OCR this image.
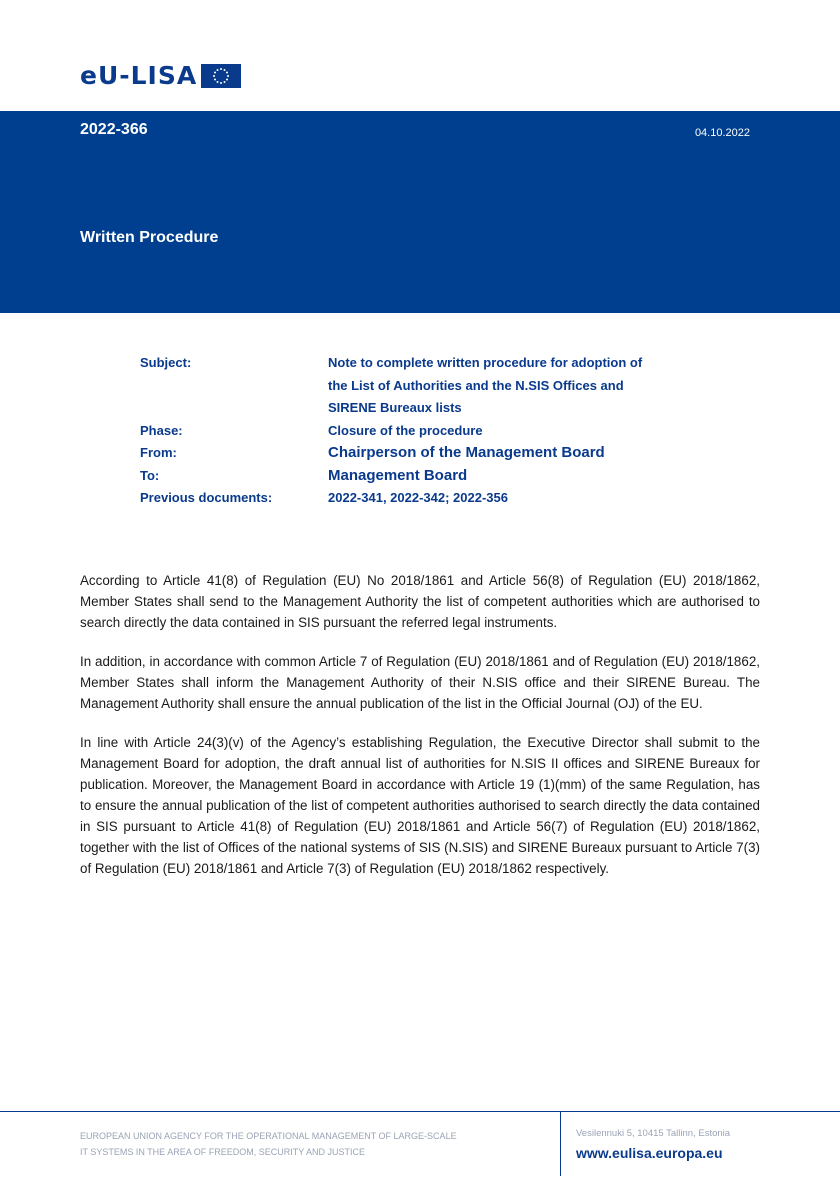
eU-LISA
2022-366	04.10.2022
Written Procedure
Subject:	Note to complete written procedure for adoption of
the List of Authorities and the N.SIS Offices and
SIRENE Bureaux lists
Phase:	Closure of the procedure
From:	Chairperson of the Management Board
To:	Management Board
Previous documents:	2022-341, 2022-342; 2022-356

According to Article 41(8) of Regulation (EU) No 2018/1861 and Article 56(8) of Regulation (EU) 2018/1862, Member States shall send to the Management Authority the list of competent authorities which are authorised to search directly the data contained in SIS pursuant the referred legal instruments.

In addition, in accordance with common Article 7 of Regulation (EU) 2018/1861 and of Regulation (EU) 2018/1862, Member States shall inform the Management Authority of their N.SIS office and their SIRENE Bureau. The Management Authority shall ensure the annual publication of the list in the Official Journal (OJ) of the EU.

In line with Article 24(3)(v) of the Agency’s establishing Regulation, the Executive Director shall submit to the Management Board for adoption, the draft annual list of authorities for N.SIS II offices and SIRENE Bureaux for publication. Moreover, the Management Board in accordance with Article 19 (1)(mm) of the same Regulation, has to ensure the annual publication of the list of competent authorities authorised to search directly the data contained in SIS pursuant to Article 41(8) of Regulation (EU) 2018/1861 and Article 56(7) of Regulation (EU) 2018/1862, together with the list of Offices of the national systems of SIS (N.SIS) and SIRENE Bureaux pursuant to Article 7(3) of Regulation (EU) 2018/1861 and Article 7(3) of Regulation (EU) 2018/1862 respectively.

EUROPEAN UNION AGENCY FOR THE OPERATIONAL MANAGEMENT OF LARGE-SCALE
IT SYSTEMS IN THE AREA OF FREEDOM, SECURITY AND JUSTICE
Vesilennuki 5, 10415 Tallinn, Estonia
www.eulisa.europa.eu
